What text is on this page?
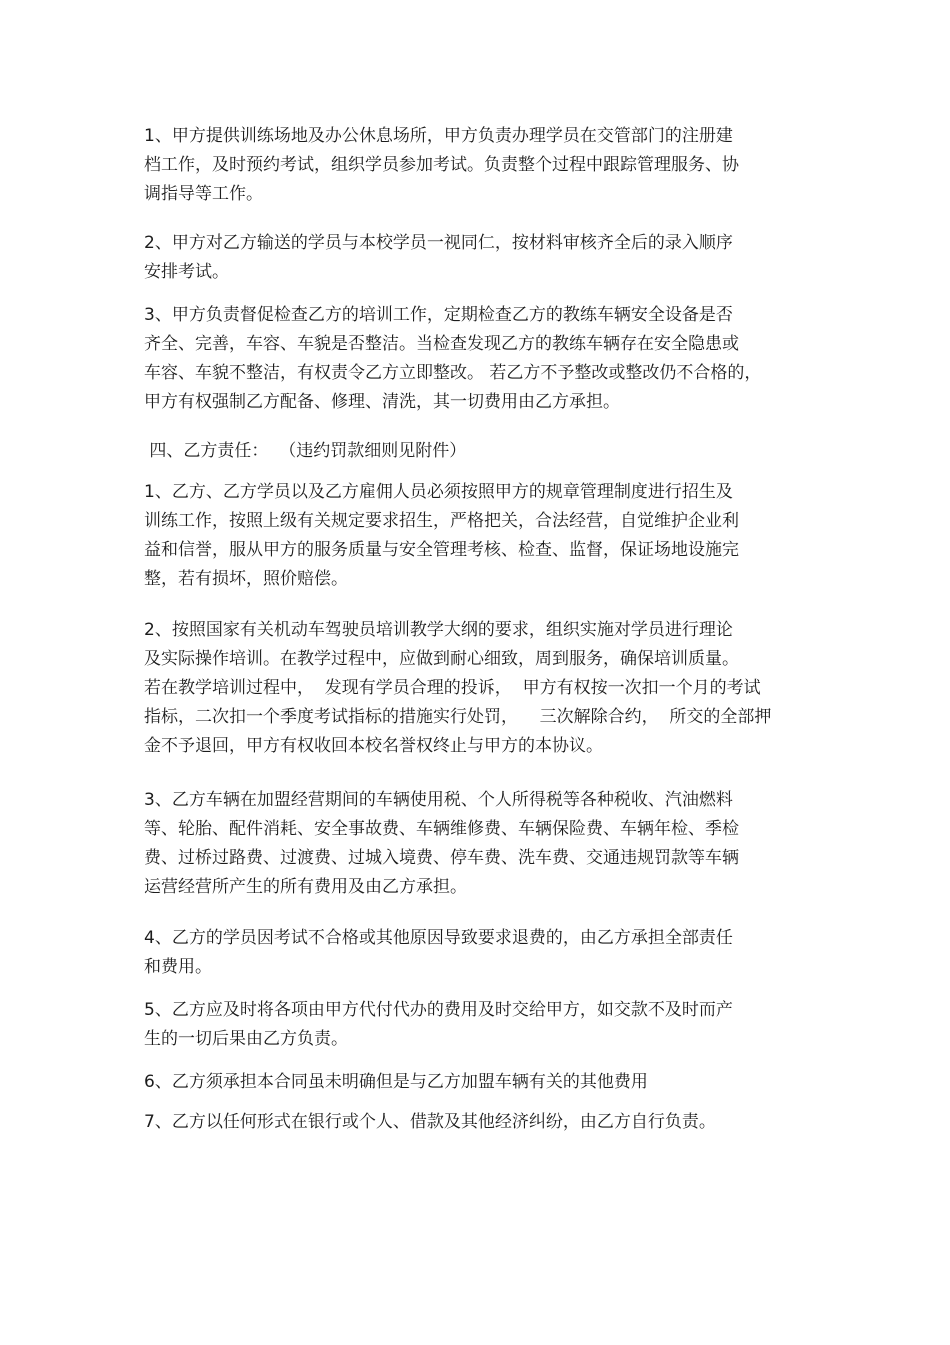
1、甲方提供训练场地及办公休息场所，甲方负责办理学员在交管部门的注册建
档工作，及时预约考试，组织学员参加考试。负责整个过程中跟踪管理服务、协
调指导等工作。
2、甲方对乙方输送的学员与本校学员一视同仁，按材料审核齐全后的录入顺序
安排考试。
3、甲方负责督促检查乙方的培训工作，定期检查乙方的教练车辆安全设备是否
齐全、完善，车容、车貌是否整洁。当检查发现乙方的教练车辆存在安全隐患或
车容、车貌不整洁，有权责令乙方立即整改。 若乙方不予整改或整改仍不合格的，
甲方有权强制乙方配备、修理、清洗，其一切费用由乙方承担。
四、乙方责任：  （违约罚款细则见附件）
1、乙方、乙方学员以及乙方雇佣人员必须按照甲方的规章管理制度进行招生及
训练工作，按照上级有关规定要求招生，严格把关，合法经营，自觉维护企业利
益和信誉，服从甲方的服务质量与安全管理考核、检查、监督，保证场地设施完
整，若有损坏，照价赔偿。
2、按照国家有关机动车驾驶员培训教学大纲的要求，组织实施对学员进行理论
及实际操作培训。在教学过程中，应做到耐心细致，周到服务，确保培训质量。
若在教学培训过程中，  发现有学员合理的投诉，  甲方有权按一次扣一个月的考试
指标，二次扣一个季度考试指标的措施实行处罚，    三次解除合约，  所交的全部押
金不予退回，甲方有权收回本校名誉权终止与甲方的本协议。
3、乙方车辆在加盟经营期间的车辆使用税、个人所得税等各种税收、汽油燃料
等、轮胎、配件消耗、安全事故费、车辆维修费、车辆保险费、车辆年检、季检
费、过桥过路费、过渡费、过城入境费、停车费、洗车费、交通违规罚款等车辆
运营经营所产生的所有费用及由乙方承担。
4、乙方的学员因考试不合格或其他原因导致要求退费的，由乙方承担全部责任
和费用。
5、乙方应及时将各项由甲方代付代办的费用及时交给甲方，如交款不及时而产
生的一切后果由乙方负责。
6、乙方须承担本合同虽未明确但是与乙方加盟车辆有关的其他费用
7、乙方以任何形式在银行或个人、借款及其他经济纠纷，由乙方自行负责。
